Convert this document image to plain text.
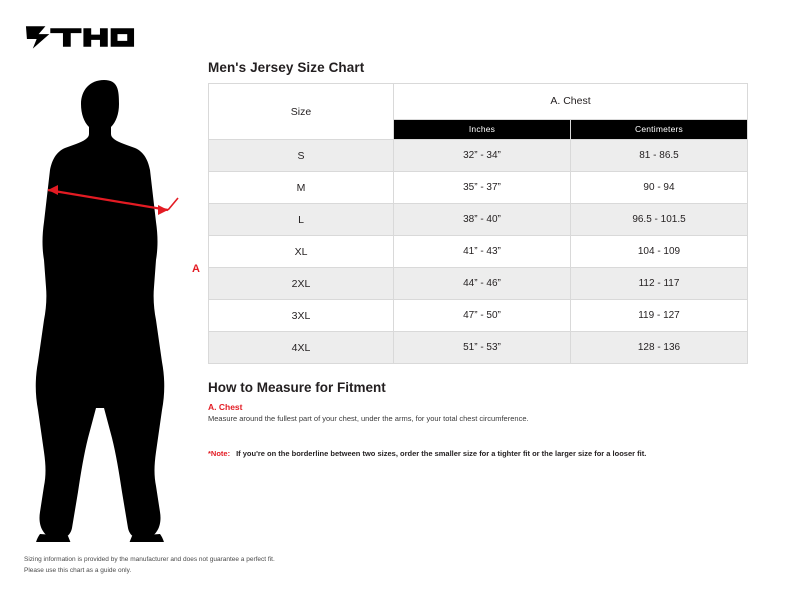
A
Men's Jersey Size Chart
Size	A. Chest	
	Inches	Centimeters
S	32” - 34”	81 - 86.5
M	35” - 37”	90 - 94
L	38” - 40”	96.5 - 101.5
XL	41” - 43”	104 - 109
2XL	44” - 46”	112 - 117
3XL	47” - 50”	119 - 127
4XL	51” - 53”	128 - 136
How to Measure for Fitment

A. Chest

Measure around the fullest part of your chest, under the arms, for your total chest circumference.

*Note: If you're on the borderline between two sizes, order the smaller size for a tighter fit or the larger size for a looser fit.
Sizing information is provided by the manufacturer and does not guarantee a perfect fit.
Please use this chart as a guide only.
